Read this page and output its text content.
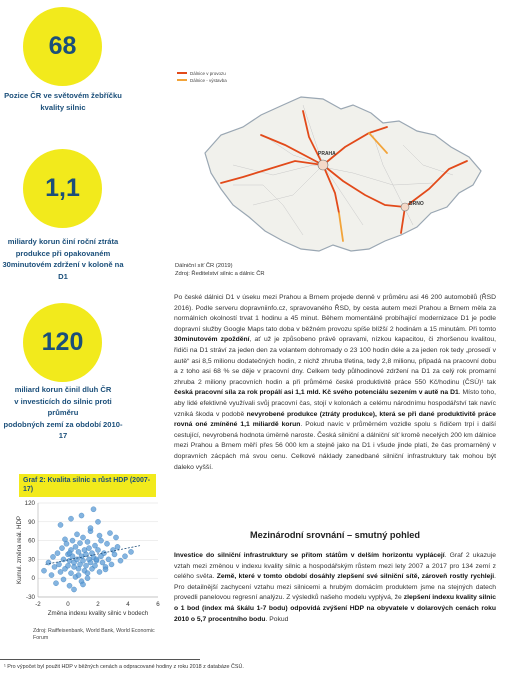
68
Pozice ČR ve světovém žebříčku
kvality silnic
1,1
miliardy korun činí roční ztráta
produkce při opakovaném
30minutovém zdržení v koloně na D1
120
miliard korun činil dluh ČR
v investicích do silnic proti průměru
podobných zemí za období 2010-17
Dálnice v provozu
Dálnice - výstavba
PRAHA
BRNO
Dálniční síť ČR (2019)
Zdroj: Ředitelství silnic a dálnic ČR
Po české dálnici D1 v úseku mezi Prahou a Brnem projede denně v průměru asi 46 200 automobilů (ŘSD 2016). Podle serveru dopravniinfo.cz, spravovaného ŘSD, by cesta autem mezi Prahou a Brnem měla za normálních okolností trvat 1 hodinu a 45 minut. Během momentálně probíhající modernizace D1 je podle dopravní služby Google Maps tato doba v běžném provozu spíše blížší 2 hodinám a 15 minutám. Při tomto 30minutovém zpoždění, ať už je způsobeno právě opravami, nízkou kapacitou, či zhoršenou kvalitou, řidiči na D1 stráví za jeden den za volantem dohromady o 23 100 hodin déle a za jeden rok tedy „prosedí v autě“ asi 8,5 milionu dodatečných hodin, z nichž zhruba třetina, tedy 2,8 milionu, připadá na pracovní dobu a z toho asi 68 % se děje v pracovní dny. Celkem tedy půlhodinové zdržení na D1 za celý rok promarní zhruba 2 miliony pracovních hodin a při průměrné české produktivitě práce 550 Kč/hodinu (ČSÚ)¹ tak česká pracovní síla za rok propálí asi 1,1 mld. Kč svého potenciálu sezením v autě na D1. Místo toho, aby lidé efektivně využívali svůj pracovní čas, stojí v kolonách a celému národnímu hospodářství tak navíc vzniká škoda v podobě nevyrobené produkce (ztráty produkce), která se při dané produktivitě práce rovná oné zmíněné 1,1 miliardě korun. Pokud navíc v průměrném vozidle spolu s řidičem trpí i další cestující, nevyrobená hodnota úměrně naroste. Česká silniční a dálniční síť kromě necelých 200 km dálnice mezi Prahou a Brnem měří přes 56 000 km a stejně jako na D1 i všude jinde platí, že čas promarněný v dopravních zácpách má svou cenu. Celkové náklady zanedbané silniční infrastruktury tak mohou být daleko vyšší.
Mezinárodní srovnání – smutný pohled
Investice do silniční infrastruktury se přitom státům v delším horizontu vyplácejí. Graf 2 ukazuje vztah mezi změnou v indexu kvality silnic a hospodářským růstem mezi lety 2007 a 2017 pro 134 zemí z celého světa. Země, které v tomto období dosáhly zlepšení své silniční sítě, zároveň rostly rychleji. Pro detailnější zachycení vztahu mezi silnicemi a hrubým domácím produktem jsme na stejných datech provedli panelovou regresní analýzu. Z výsledků našeho modelu vyplývá, že zlepšení indexu kvality silnic o 1 bod (index má škálu 1-7 bodu) odpovídá zvýšení HDP na obyvatele v dolarových cenách roku 2010 o 5,7 procentního bodu. Pokud
Graf 2: Kvalita silnic a růst HDP (2007-17)
-30
0
30
60
90
120
-2	0	2	4	6
Změna indexu kvality silnic v bodech
Kumul. změna reál. HDP
Zdroj: Raiffeisenbank, World Bank, World Economic Forum
¹ Pro výpočet byl použit HDP v běžných cenách a odpracované hodiny z roku 2018 z databáze ČSÚ.
